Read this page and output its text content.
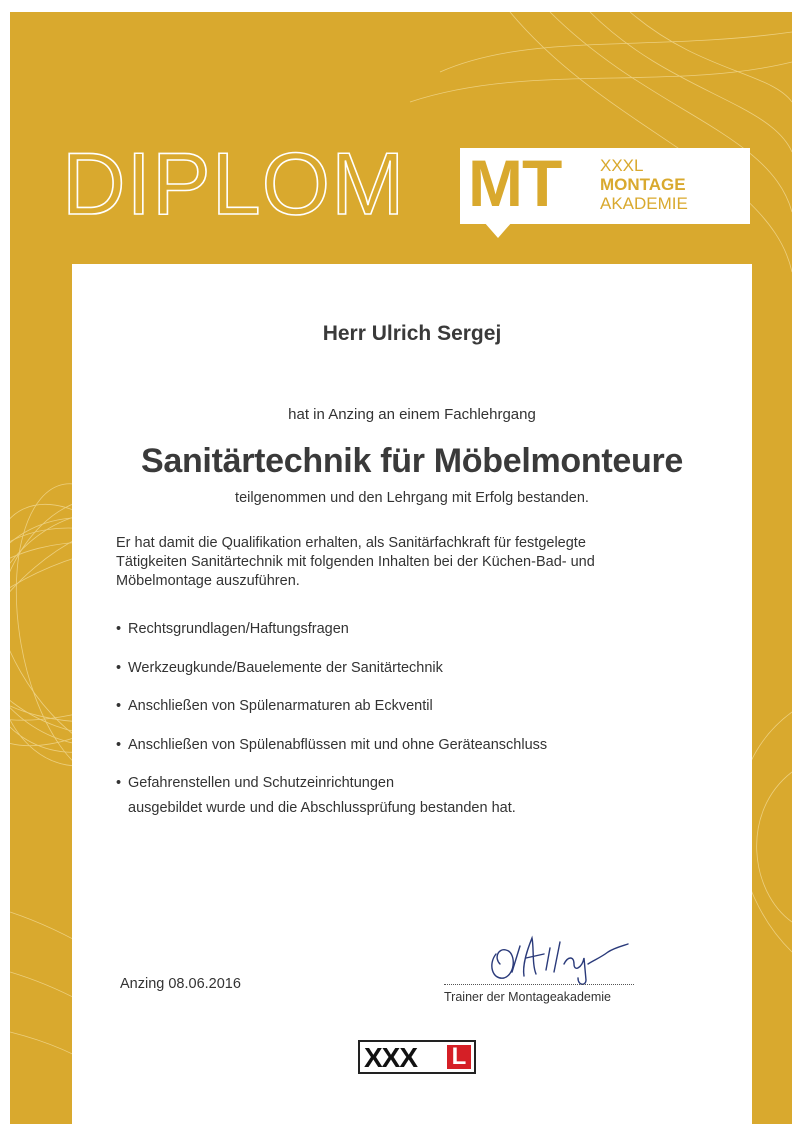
DIPLOM MT XXXL
MONTAGE
AKADEMIE

Herr Ulrich Sergej

hat in Anzing an einem Fachlehrgang

Sanitärtechnik für Möbelmonteure

teilgenommen und den Lehrgang mit Erfolg bestanden.

Er hat damit die Qualifikation erhalten, als Sanitärfachkraft für festgelegte
Tätigkeiten Sanitärtechnik mit folgenden Inhalten bei der Küchen-Bad- und
Möbelmontage auszuführen.
• Rechtsgrundlagen/Haftungsfragen
• Werkzeugkunde/Bauelemente der Sanitärtechnik
• Anschließen von Spülenarmaturen ab Eckventil
• Anschließen von Spülenabflüssen mit und ohne Geräteanschluss
• Gefahrenstellen und Schutzeinrichtungen

ausgebildet wurde und die Abschlussprüfung bestanden hat.

Anzing 08.06.2016

Trainer der Montageakademie

XXX L
